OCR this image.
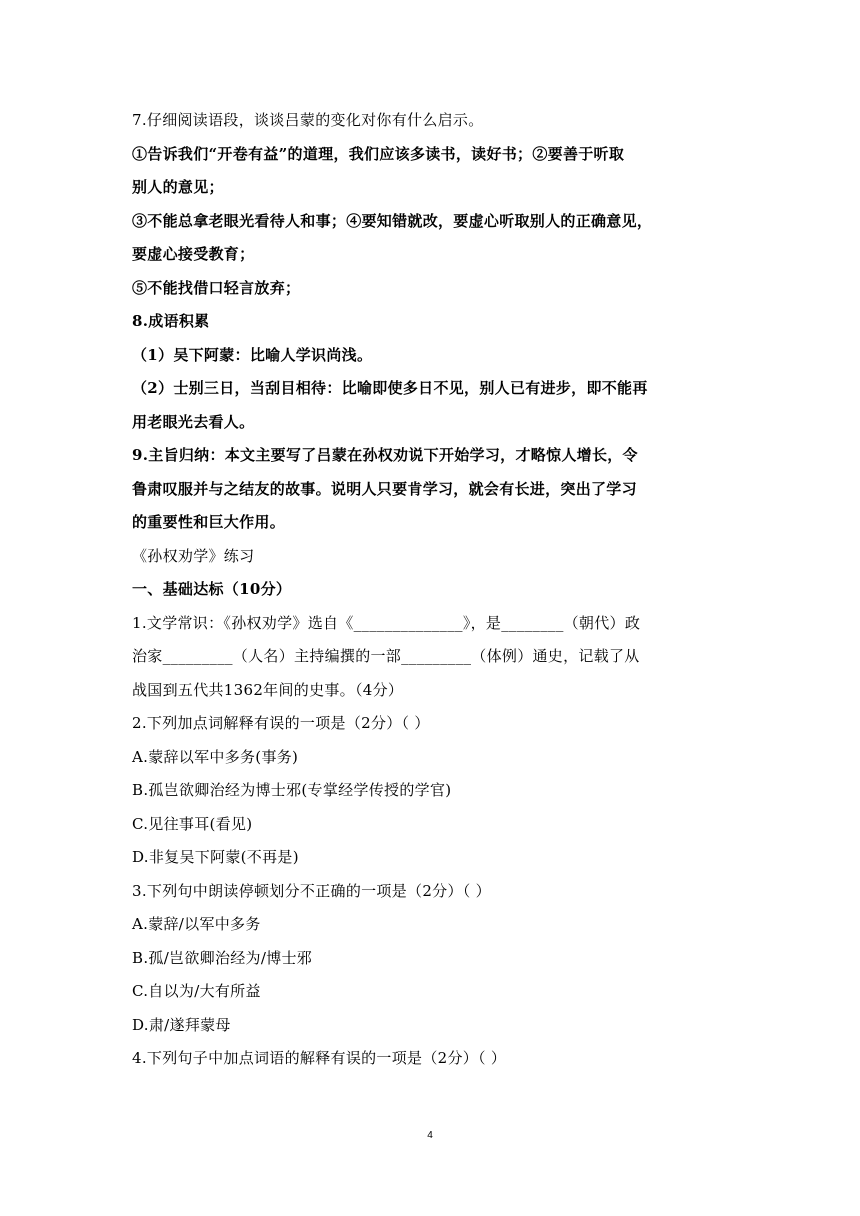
7.仔细阅读语段，谈谈吕蒙的变化对你有什么启示。
①告诉我们“开卷有益”的道理，我们应该多读书，读好书；②要善于听取
别人的意见；
③不能总拿老眼光看待人和事；④要知错就改，要虚心听取别人的正确意见，
要虚心接受教育；
⑤不能找借口轻言放弃；
8.成语积累
（1）吴下阿蒙：比喻人学识尚浅。
（2）士别三日，当刮目相待：比喻即使多日不见，别人已有进步，即不能再
用老眼光去看人。
9.主旨归纳：本文主要写了吕蒙在孙权劝说下开始学习，才略惊人增长，令
鲁肃叹服并与之结友的故事。说明人只要肯学习，就会有长进，突出了学习
的重要性和巨大作用。
《孙权劝学》练习
一、基础达标（10分）
1.文学常识：《孙权劝学》选自《______________》，是________（朝代）政
治家_________（人名）主持编撰的一部_________（体例）通史，记载了从
战国到五代共1362年间的史事。（4分）
2.下列加点词解释有误的一项是（2分）（ ）
A.蒙辞以军中多务(事务)
B.孤岂欲卿治经为博士邪(专掌经学传授的学官)
C.见往事耳(看见)
D.非复吴下阿蒙(不再是)
3.下列句中朗读停顿划分不正确的一项是（2分）（ ）
A.蒙辞/以军中多务
B.孤/岂欲卿治经为/博士邪
C.自以为/大有所益
D.肃/遂拜蒙母
4.下列句子中加点词语的解释有误的一项是（2分）（ ）
4
